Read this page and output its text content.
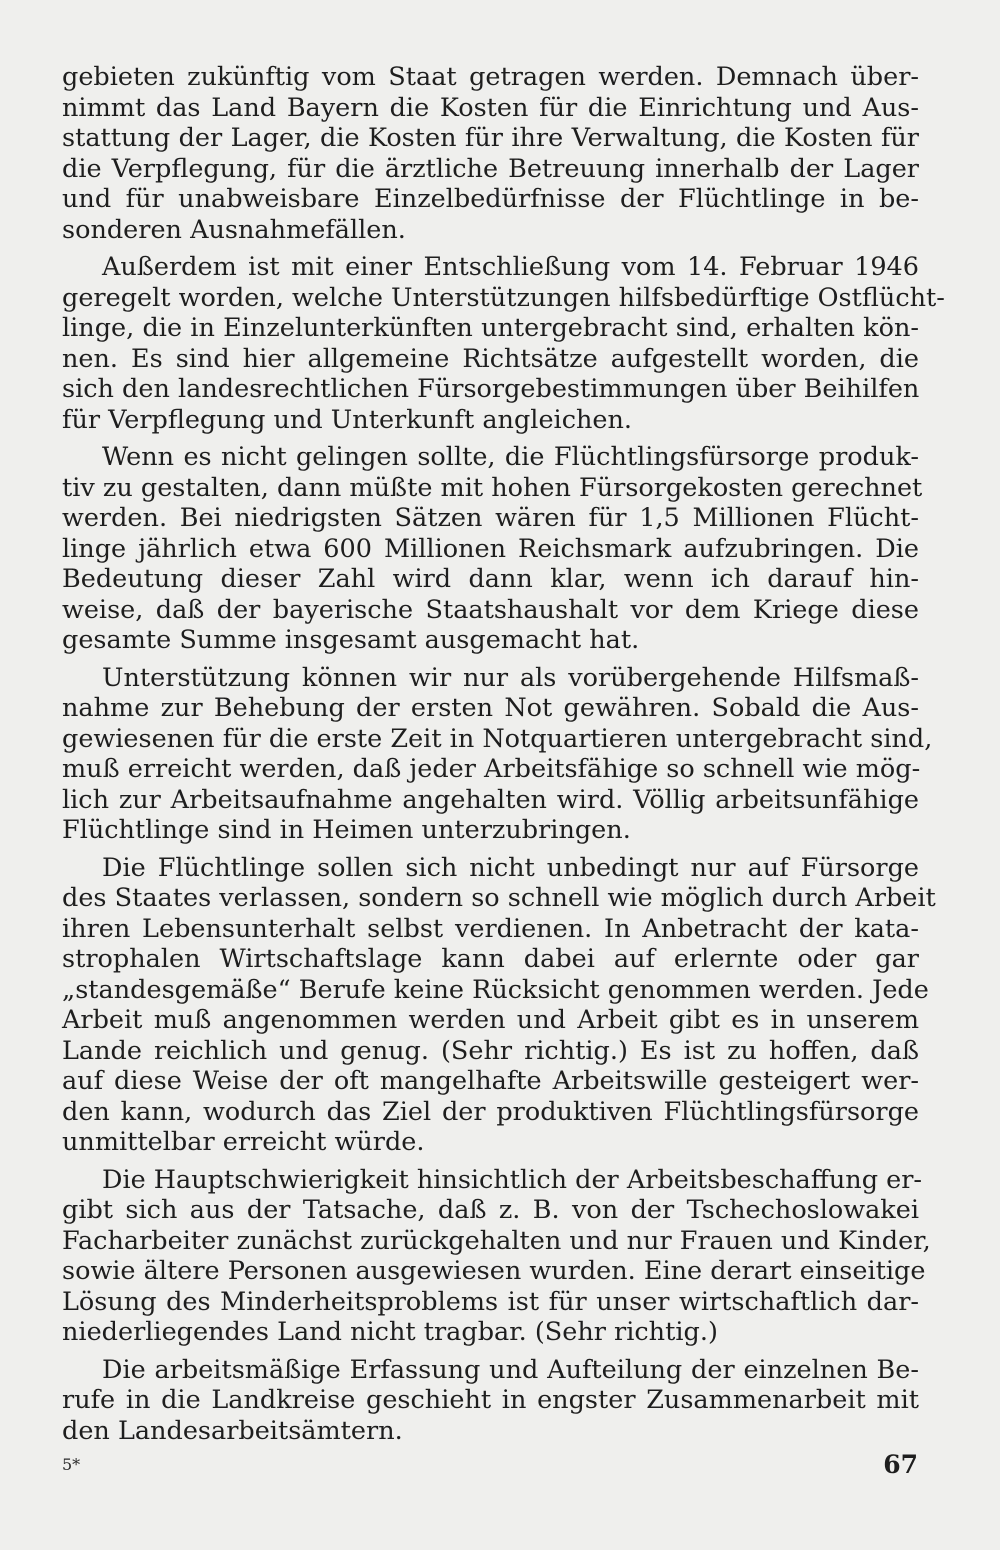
gebieten zukünftig vom Staat getragen werden. Demnach über-
nimmt das Land Bayern die Kosten für die Einrichtung und Aus-
stattung der Lager, die Kosten für ihre Verwaltung, die Kosten für
die Verpflegung, für die ärztliche Betreuung innerhalb der Lager
und für unabweisbare Einzelbedürfnisse der Flüchtlinge in be-
sonderen Ausnahmefällen.
Außerdem ist mit einer Entschließung vom 14. Februar 1946
geregelt worden, welche Unterstützungen hilfsbedürftige Ostflücht-
linge, die in Einzelunterkünften untergebracht sind, erhalten kön-
nen. Es sind hier allgemeine Richtsätze aufgestellt worden, die
sich den landesrechtlichen Fürsorgebestimmungen über Beihilfen
für Verpflegung und Unterkunft angleichen.
Wenn es nicht gelingen sollte, die Flüchtlingsfürsorge produk-
tiv zu gestalten, dann müßte mit hohen Fürsorgekosten gerechnet
werden. Bei niedrigsten Sätzen wären für 1,5 Millionen Flücht-
linge jährlich etwa 600 Millionen Reichsmark aufzubringen. Die
Bedeutung dieser Zahl wird dann klar, wenn ich darauf hin-
weise, daß der bayerische Staatshaushalt vor dem Kriege diese
gesamte Summe insgesamt ausgemacht hat.
Unterstützung können wir nur als vorübergehende Hilfsmaß-
nahme zur Behebung der ersten Not gewähren. Sobald die Aus-
gewiesenen für die erste Zeit in Notquartieren untergebracht sind,
muß erreicht werden, daß jeder Arbeitsfähige so schnell wie mög-
lich zur Arbeitsaufnahme angehalten wird. Völlig arbeitsunfähige
Flüchtlinge sind in Heimen unterzubringen.
Die Flüchtlinge sollen sich nicht unbedingt nur auf Fürsorge
des Staates verlassen, sondern so schnell wie möglich durch Arbeit
ihren Lebensunterhalt selbst verdienen. In Anbetracht der kata-
strophalen Wirtschaftslage kann dabei auf erlernte oder gar
„standesgemäße“ Berufe keine Rücksicht genommen werden. Jede
Arbeit muß angenommen werden und Arbeit gibt es in unserem
Lande reichlich und genug. (Sehr richtig.) Es ist zu hoffen, daß
auf diese Weise der oft mangelhafte Arbeitswille gesteigert wer-
den kann, wodurch das Ziel der produktiven Flüchtlingsfürsorge
unmittelbar erreicht würde.
Die Hauptschwierigkeit hinsichtlich der Arbeitsbeschaffung er-
gibt sich aus der Tatsache, daß z. B. von der Tschechoslowakei
Facharbeiter zunächst zurückgehalten und nur Frauen und Kinder,
sowie ältere Personen ausgewiesen wurden. Eine derart einseitige
Lösung des Minderheitsproblems ist für unser wirtschaftlich dar-
niederliegendes Land nicht tragbar. (Sehr richtig.)
Die arbeitsmäßige Erfassung und Aufteilung der einzelnen Be-
rufe in die Landkreise geschieht in engster Zusammenarbeit mit
den Landesarbeitsämtern.
5*	67
